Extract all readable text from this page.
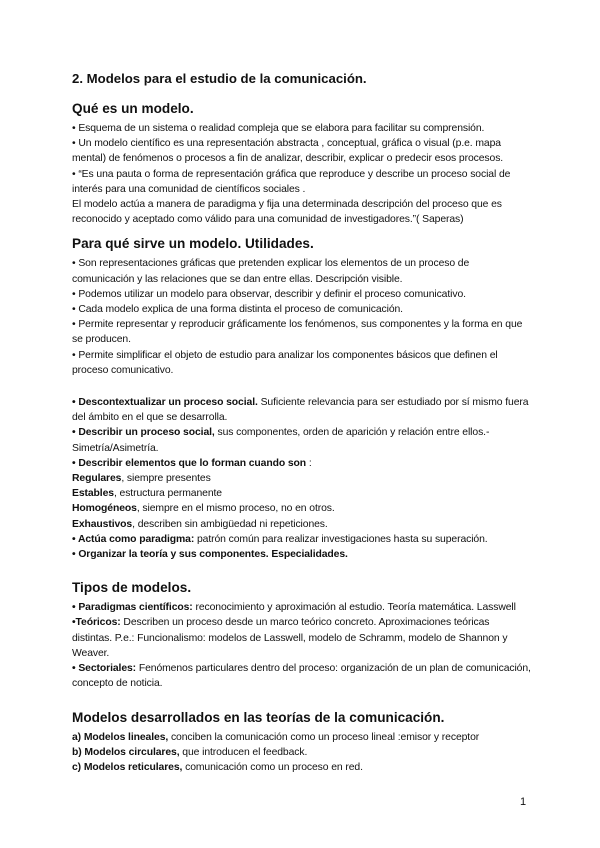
2. Modelos para el estudio de la comunicación.
Qué es un modelo.

• Esquema de un sistema o realidad compleja que se elabora para facilitar su comprensión.

• Un modelo científico es una representación abstracta , conceptual, gráfica o visual (p.e. mapa mental) de fenómenos o procesos a fin de analizar, describir, explicar o predecir esos procesos.

• “Es una pauta o forma de representación gráfica que reproduce y describe un proceso social de interés para una comunidad de científicos sociales .

El modelo actúa a manera de paradigma y fija una determinada descripción del proceso que es reconocido y aceptado como válido para una comunidad de investigadores.”( Saperas)

Para qué sirve un modelo. Utilidades.

• Son representaciones gráficas que pretenden explicar los elementos de un proceso de comunicación y las relaciones que se dan entre ellas. Descripción visible.

• Podemos utilizar un modelo para observar, describir y definir el proceso comunicativo.

• Cada modelo explica de una forma distinta el proceso de comunicación.

• Permite representar y reproducir gráficamente los fenómenos, sus componentes y la forma en que se producen.

• Permite simplificar el objeto de estudio para analizar los componentes básicos que definen el proceso comunicativo.

• Descontextualizar un proceso social. Suficiente relevancia para ser estudiado por sí mismo fuera del ámbito en el que se desarrolla.

• Describir un proceso social, sus componentes, orden de aparición y relación entre ellos.-Simetría/Asimetría.

• Describir elementos que lo forman cuando son :

Regulares, siempre presentes

Estables, estructura permanente

Homogéneos, siempre en el mismo proceso, no en otros.

Exhaustivos, describen sin ambigüedad ni repeticiones.

• Actúa como paradigma: patrón común para realizar investigaciones hasta su superación.

• Organizar la teoría y sus componentes. Especialidades.

Tipos de modelos.

• Paradigmas científicos: reconocimiento y aproximación al estudio. Teoría matemática. Lasswell

•Teóricos: Describen un proceso desde un marco teórico concreto. Aproximaciones teóricas distintas. P.e.: Funcionalismo: modelos de Lasswell, modelo de Schramm, modelo de Shannon y Weaver.

• Sectoriales: Fenómenos particulares dentro del proceso: organización de un plan de comunicación, concepto de noticia.

Modelos desarrollados en las teorías de la comunicación.

a) Modelos lineales, conciben la comunicación como un proceso lineal :emisor y receptor

b) Modelos circulares, que introducen el feedback.

c) Modelos reticulares, comunicación como un proceso en red.

1
